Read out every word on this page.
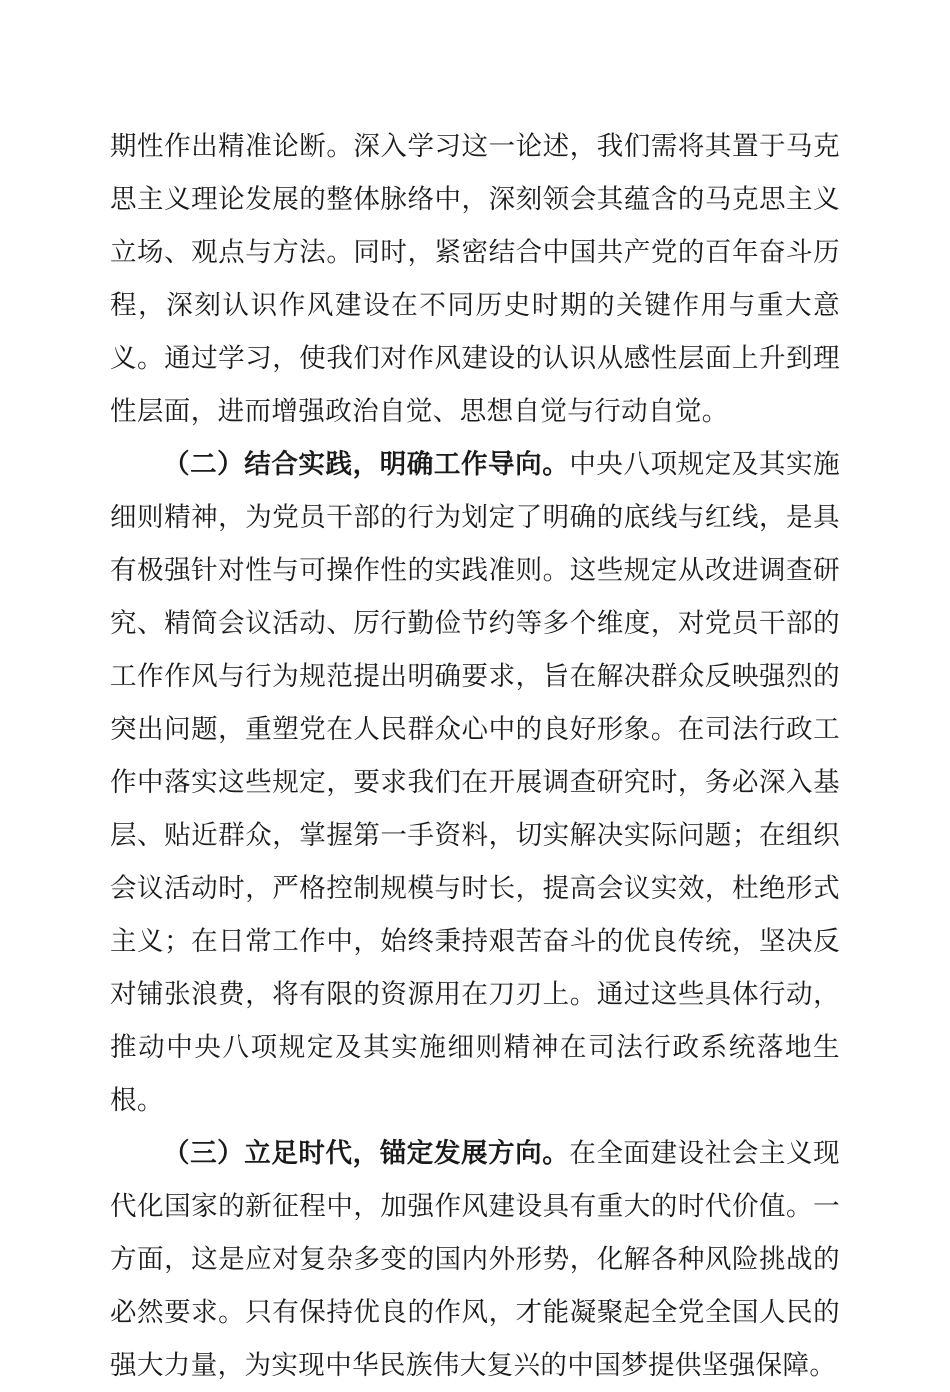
期性作出精准论断。深入学习这一论述，我们需将其置于马克思主义理论发展的整体脉络中，深刻领会其蕴含的马克思主义立场、观点与方法。同时，紧密结合中国共产党的百年奋斗历程，深刻认识作风建设在不同历史时期的关键作用与重大意义。通过学习，使我们对作风建设的认识从感性层面上升到理性层面，进而增强政治自觉、思想自觉与行动自觉。

（二）结合实践，明确工作导向。中央八项规定及其实施细则精神，为党员干部的行为划定了明确的底线与红线，是具有极强针对性与可操作性的实践准则。这些规定从改进调查研究、精简会议活动、厉行勤俭节约等多个维度，对党员干部的工作作风与行为规范提出明确要求，旨在解决群众反映强烈的突出问题，重塑党在人民群众心中的良好形象。在司法行政工作中落实这些规定，要求我们在开展调查研究时，务必深入基层、贴近群众，掌握第一手资料，切实解决实际问题；在组织会议活动时，严格控制规模与时长，提高会议实效，杜绝形式主义；在日常工作中，始终秉持艰苦奋斗的优良传统，坚决反对铺张浪费，将有限的资源用在刀刃上。通过这些具体行动，推动中央八项规定及其实施细则精神在司法行政系统落地生根。

（三）立足时代，锚定发展方向。在全面建设社会主义现代化国家的新征程中，加强作风建设具有重大的时代价值。一方面，这是应对复杂多变的国内外形势，化解各种风险挑战的必然要求。只有保持优良的作风，才能凝聚起全党全国人民的强大力量，为实现中华民族伟大复兴的中国梦提供坚强保障。
